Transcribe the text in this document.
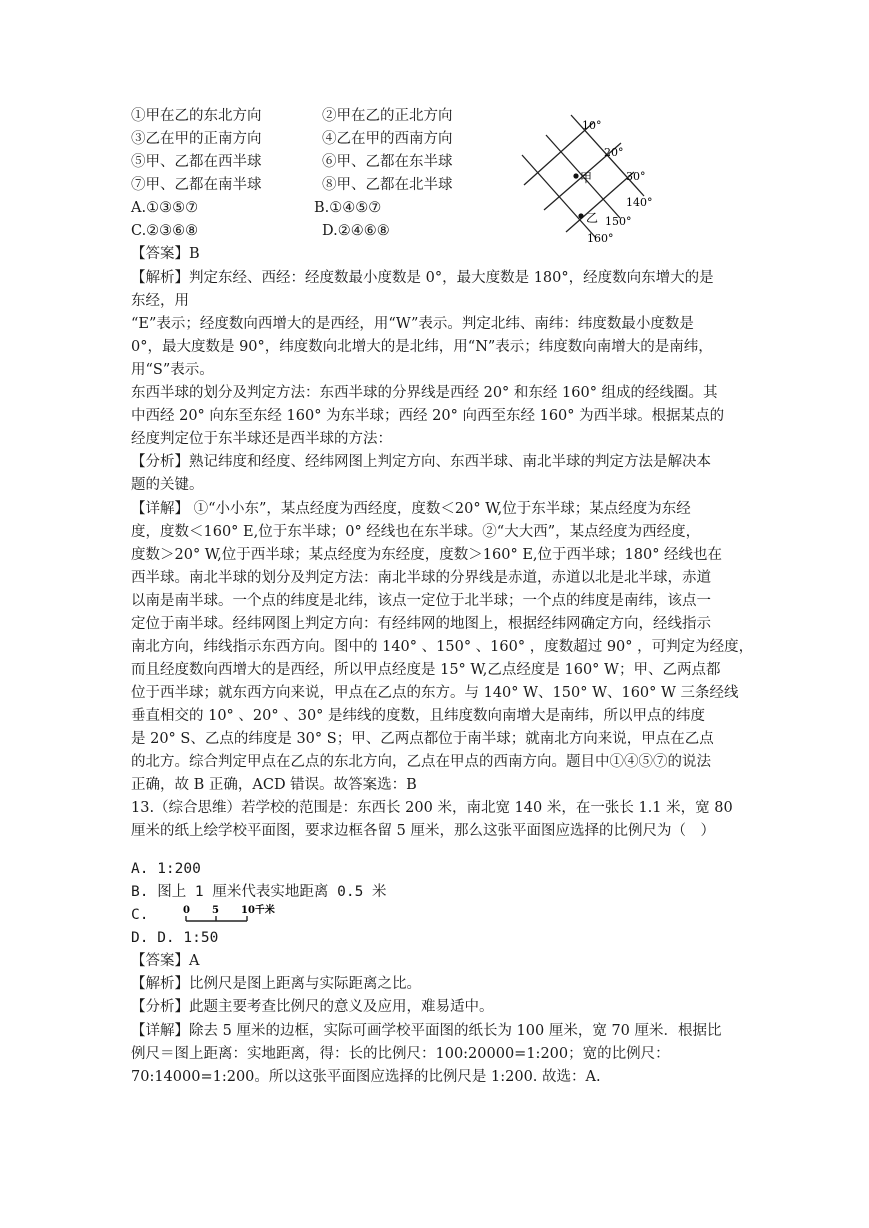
①甲在乙的东北方向	②甲在乙的正北方向
③乙在甲的正南方向	④乙在甲的西南方向
⑤甲、乙都在西半球	⑥甲、乙都在东半球
⑦甲、乙都在南半球	⑧甲、乙都在北半球
A.①③⑤⑦	B.①④⑤⑦
C.②③⑥⑧	D.②④⑥⑧
甲
乙
10°
20°
30°
140°
150°
160°
【答案】B
【解析】判定东经、西经：经度数最小度数是 0°，最大度数是 180°，经度数向东增大的是
东经，用
“E”表示；经度数向西增大的是西经，用“W”表示。判定北纬、南纬：纬度数最小度数是
0°，最大度数是 90°，纬度数向北增大的是北纬，用“N”表示；纬度数向南增大的是南纬，
用“S”表示。
东西半球的划分及判定方法：东西半球的分界线是西经 20° 和东经 160° 组成的经线圈。其
中西经 20° 向东至东经 160° 为东半球；西经 20° 向西至东经 160° 为西半球。根据某点的
经度判定位于东半球还是西半球的方法：
【分析】熟记纬度和经度、经纬网图上判定方向、东西半球、南北半球的判定方法是解决本
题的关键。
【详解】 ①“小小东”，某点经度为西经度，度数＜20° W,位于东半球；某点经度为东经
度，度数＜160° E,位于东半球；0° 经线也在东半球。②“大大西”，某点经度为西经度，
度数＞20° W,位于西半球；某点经度为东经度，度数＞160° E,位于西半球；180° 经线也在
西半球。南北半球的划分及判定方法：南北半球的分界线是赤道，赤道以北是北半球，赤道
以南是南半球。一个点的纬度是北纬，该点一定位于北半球；一个点的纬度是南纬，该点一
定位于南半球。经纬网图上判定方向：有经纬网的地图上，根据经纬网确定方向，经线指示
南北方向，纬线指示东西方向。图中的 140° 、150° 、160° ，度数超过 90° ，可判定为经度，
而且经度数向西增大的是西经，所以甲点经度是 15° W,乙点经度是 160° W；甲、乙两点都
位于西半球；就东西方向来说，甲点在乙点的东方。与 140° W、150° W、160° W 三条经线
垂直相交的 10° 、20° 、30° 是纬线的度数，且纬度数向南增大是南纬，所以甲点的纬度
是 20° S、乙点的纬度是 30° S；甲、乙两点都位于南半球；就南北方向来说，甲点在乙点
的北方。综合判定甲点在乙点的东北方向，乙点在甲点的西南方向。题目中①④⑤⑦的说法
正确，故 B 正确，ACD 错误。故答案选：B
13.（综合思维）若学校的范围是：东西长 200 米，南北宽 140 米，在一张长 1.1 米，宽 80
厘米的纸上绘学校平面图，要求边框各留 5 厘米，那么这张平面图应选择的比例尺为（　）
A. 1:200
B. 图上 1 厘米代表实地距离 0.5 米
C.	0 5 10千米
D. D. 1:50
【答案】A
【解析】比例尺是图上距离与实际距离之比。
【分析】此题主要考查比例尺的意义及应用，难易适中。
【详解】除去 5 厘米的边框，实际可画学校平面图的纸长为 100 厘米，宽 70 厘米．根据比
例尺＝图上距离：实地距离，得：长的比例尺：100:20000=1:200；宽的比例尺：
70:14000=1:200。所以这张平面图应选择的比例尺是 1:200. 故选：A.
